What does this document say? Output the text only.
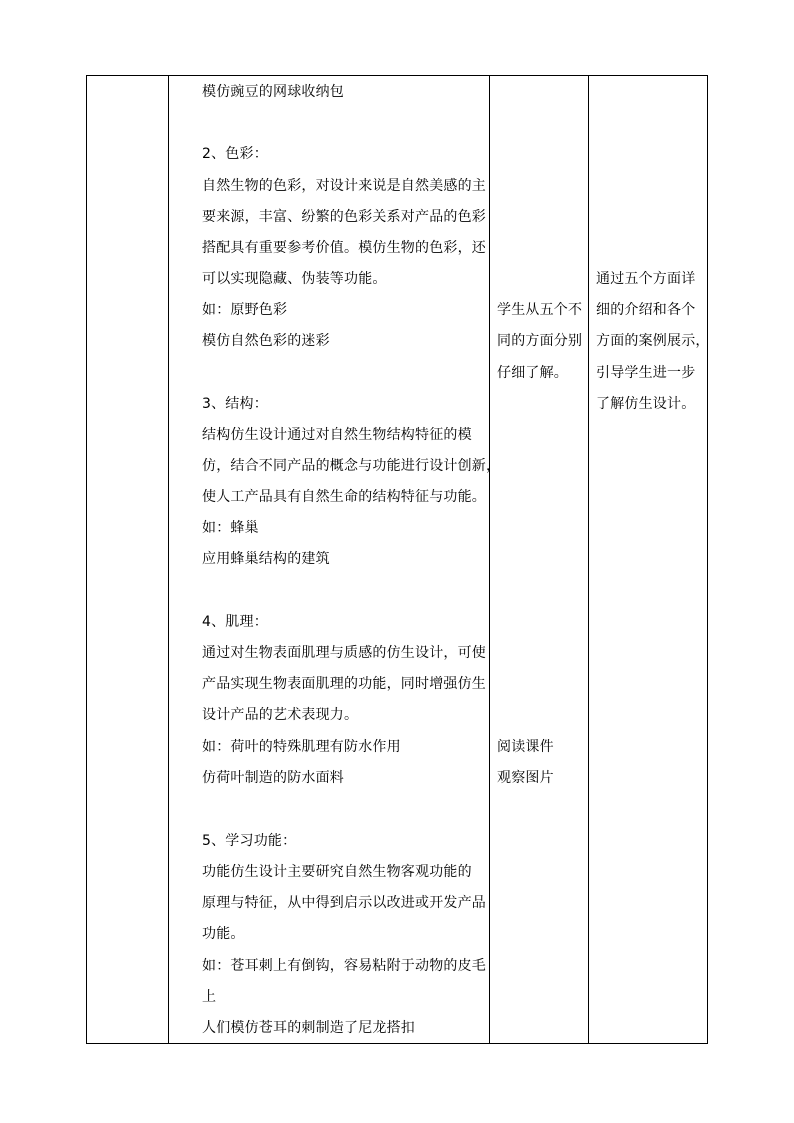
模仿豌豆的网球收纳包
2、色彩：
自然生物的色彩，对设计来说是自然美感的主
要来源，丰富、纷繁的色彩关系对产品的色彩
搭配具有重要参考价值。模仿生物的色彩，还
可以实现隐藏、伪装等功能。
如：原野色彩
模仿自然色彩的迷彩
3、结构：
结构仿生设计通过对自然生物结构特征的模
仿，结合不同产品的概念与功能进行设计创新，
使人工产品具有自然生命的结构特征与功能。
如：蜂巢
应用蜂巢结构的建筑
4、肌理：
通过对生物表面肌理与质感的仿生设计，可使
产品实现生物表面肌理的功能，同时增强仿生
设计产品的艺术表现力。
如：荷叶的特殊肌理有防水作用
仿荷叶制造的防水面料
5、学习功能：
功能仿生设计主要研究自然生物客观功能的
原理与特征，从中得到启示以改进或开发产品
功能。
如：苍耳刺上有倒钩，容易粘附于动物的皮毛
上
人们模仿苍耳的刺制造了尼龙搭扣
学生从五个不
同的方面分别
仔细了解。
阅读课件
观察图片
通过五个方面详
细的介绍和各个
方面的案例展示，
引导学生进一步
了解仿生设计。
